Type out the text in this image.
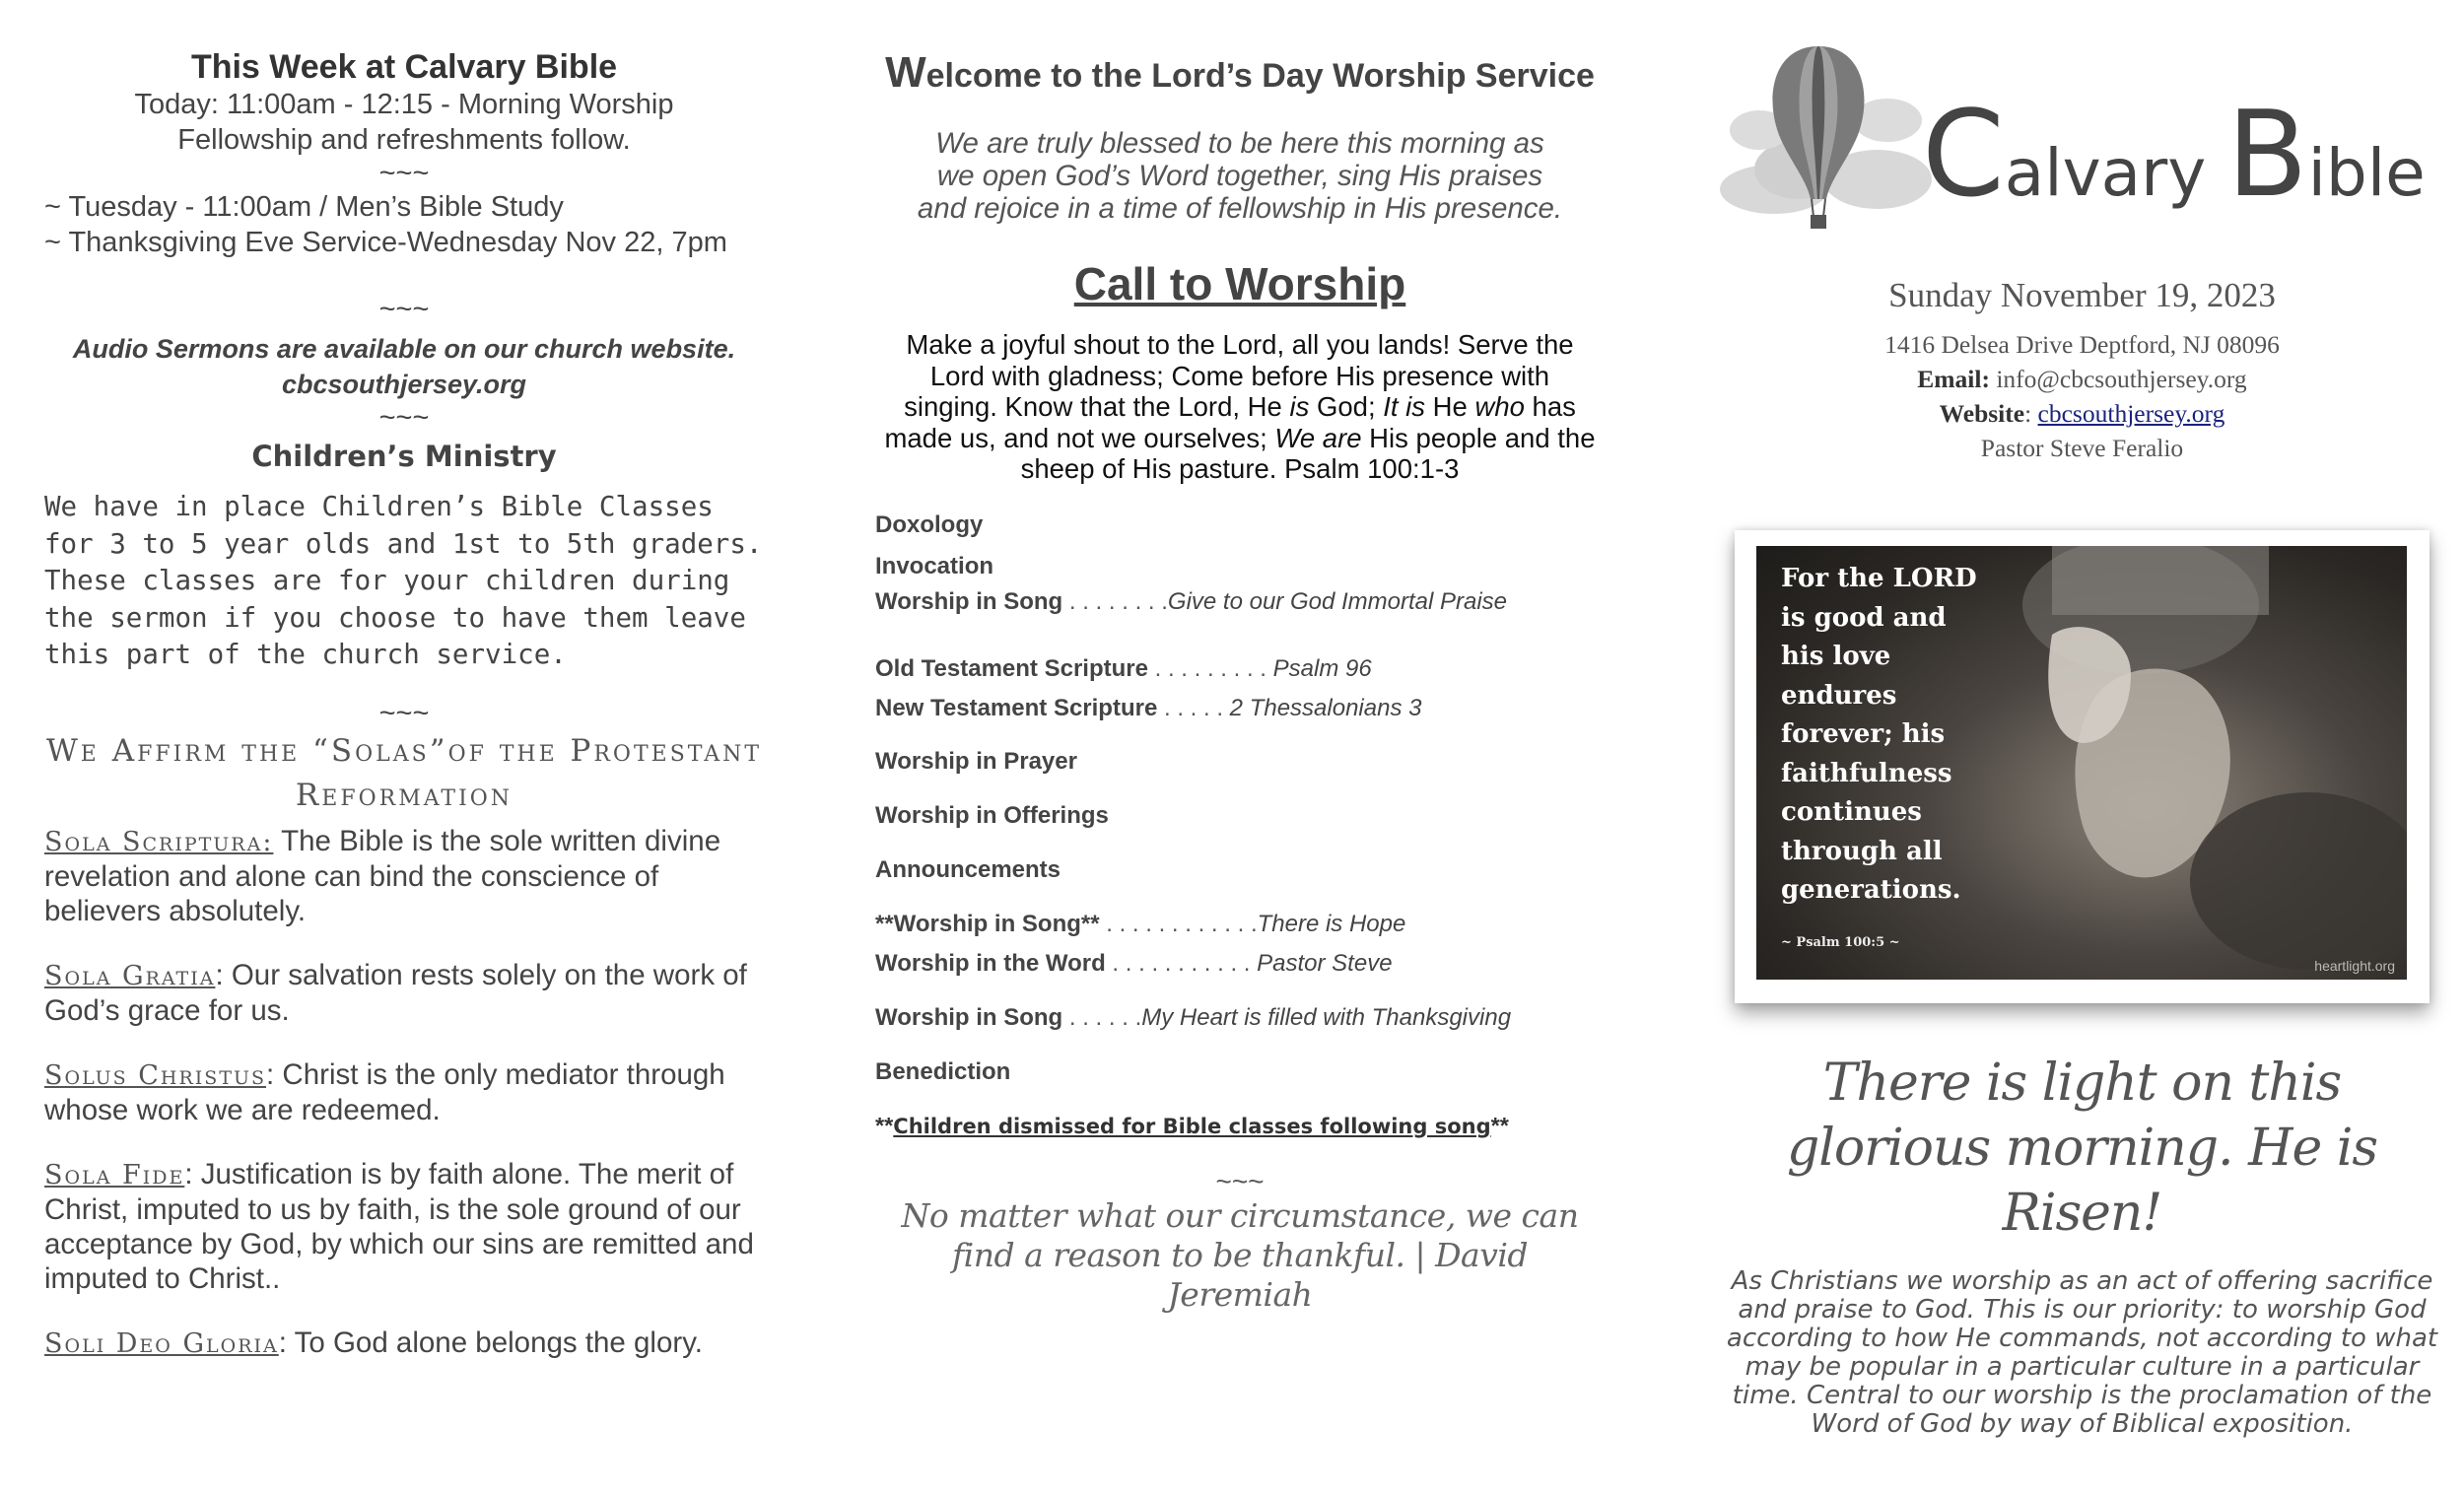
This Week at Calvary Bible
Today: 11:00am - 12:15 - Morning Worship
Fellowship and refreshments follow.
~~~
~ Tuesday - 11:00am / Men’s Bible Study
~ Thanksgiving Eve Service-Wednesday Nov 22, 7pm
~~~
Audio Sermons are available on our church website.
cbcsouthjersey.org
~~~
Children’s Ministry
We have in place Children’s Bible Classes for 3 to 5 year olds and 1st to 5th graders. These classes are for your children during the sermon if you choose to have them leave this part of the church service.
~~~
We Affirm the “Solas”of the Protestant Reformation
Sola Scriptura: The Bible is the sole written divine revelation and alone can bind the conscience of believers absolutely.
Sola Gratia: Our salvation rests solely on the work of God’s grace for us.
Solus Christus: Christ is the only mediator through whose work we are redeemed.
Sola Fide: Justification is by faith alone. The merit of Christ, imputed to us by faith, is the sole ground of our acceptance by God, by which our sins are remitted and imputed to Christ..
Soli Deo Gloria: To God alone belongs the glory.
Welcome to the Lord’s Day Worship Service
We are truly blessed to be here this morning as we open God’s Word together, sing His praises and rejoice in a time of fellowship in His presence.
Call to Worship
Make a joyful shout to the Lord, all you lands! Serve the Lord with gladness; Come before His presence with singing. Know that the Lord, He is God; It is He who has made us, and not we ourselves; We are His people and the sheep of His pasture. Psalm 100:1-3
Doxology
Invocation
Worship in Song . . . . . . . .Give to our God Immortal Praise
Old Testament Scripture . . . . . . . . . Psalm 96
New Testament Scripture . . . . . 2 Thessalonians 3
Worship in Prayer
Worship in Offerings
Announcements
**Worship in Song** . . . . . . . . . . . .There is Hope
Worship in the Word . . . . . . . . . . . Pastor Steve
Worship in Song . . . . . .My Heart is filled with Thanksgiving
Benediction
**Children dismissed for Bible classes following song**
~~~
No matter what our circumstance, we can find a reason to be thankful. | David Jeremiah
Calvary Bible
Sunday November 19, 2023
1416 Delsea Drive Deptford, NJ 08096
Email: info@cbcsouthjersey.org
Website: cbcsouthjersey.org
Pastor Steve Feralio
For the LORD
is good and
his love
endures
forever; his
faithfulness
continues
through all
generations.
~ Psalm 100:5 ~
heartlight.org
There is light on this glorious morning. He is Risen!
As Christians we worship as an act of offering sacrifice and praise to God. This is our priority: to worship God according to how He commands, not according to what may be popular in a particular culture in a particular time. Central to our worship is the proclamation of the Word of God by way of Biblical exposition.
